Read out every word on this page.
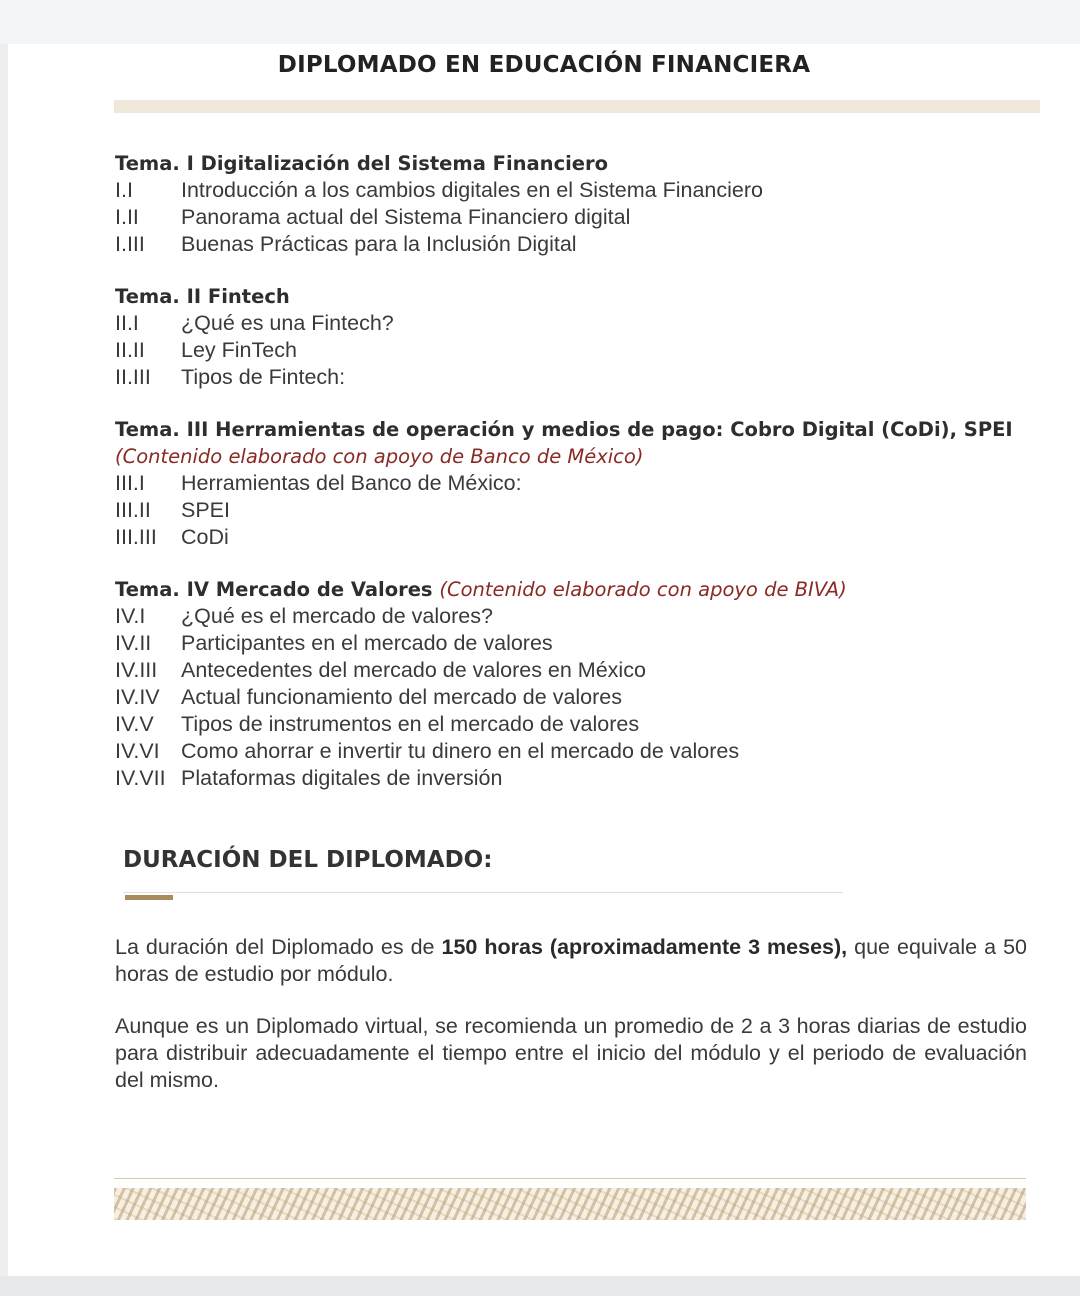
DIPLOMADO EN EDUCACIÓN FINANCIERA
Tema. I Digitalización del Sistema Financiero
I.I Introducción a los cambios digitales en el Sistema Financiero
I.II Panorama actual del Sistema Financiero digital
I.III Buenas Prácticas para la Inclusión Digital
Tema. II Fintech
II.I ¿Qué es una Fintech?
II.II Ley FinTech
II.III Tipos de Fintech:
Tema. III Herramientas de operación y medios de pago: Cobro Digital (CoDi), SPEI (Contenido elaborado con apoyo de Banco de México)
III.I Herramientas del Banco de México:
III.II SPEI
III.III CoDi
Tema. IV Mercado de Valores (Contenido elaborado con apoyo de BIVA)
IV.I ¿Qué es el mercado de valores?
IV.II Participantes en el mercado de valores
IV.III Antecedentes del mercado de valores en México
IV.IV Actual funcionamiento del mercado de valores
IV.V Tipos de instrumentos en el mercado de valores
IV.VI Como ahorrar e invertir tu dinero en el mercado de valores
IV.VII Plataformas digitales de inversión
DURACIÓN DEL DIPLOMADO:
La duración del Diplomado es de 150 horas (aproximadamente 3 meses), que equivale a 50 horas de estudio por módulo.
Aunque es un Diplomado virtual, se recomienda un promedio de 2 a 3 horas diarias de estudio para distribuir adecuadamente el tiempo entre el inicio del módulo y el periodo de evaluación del mismo.
